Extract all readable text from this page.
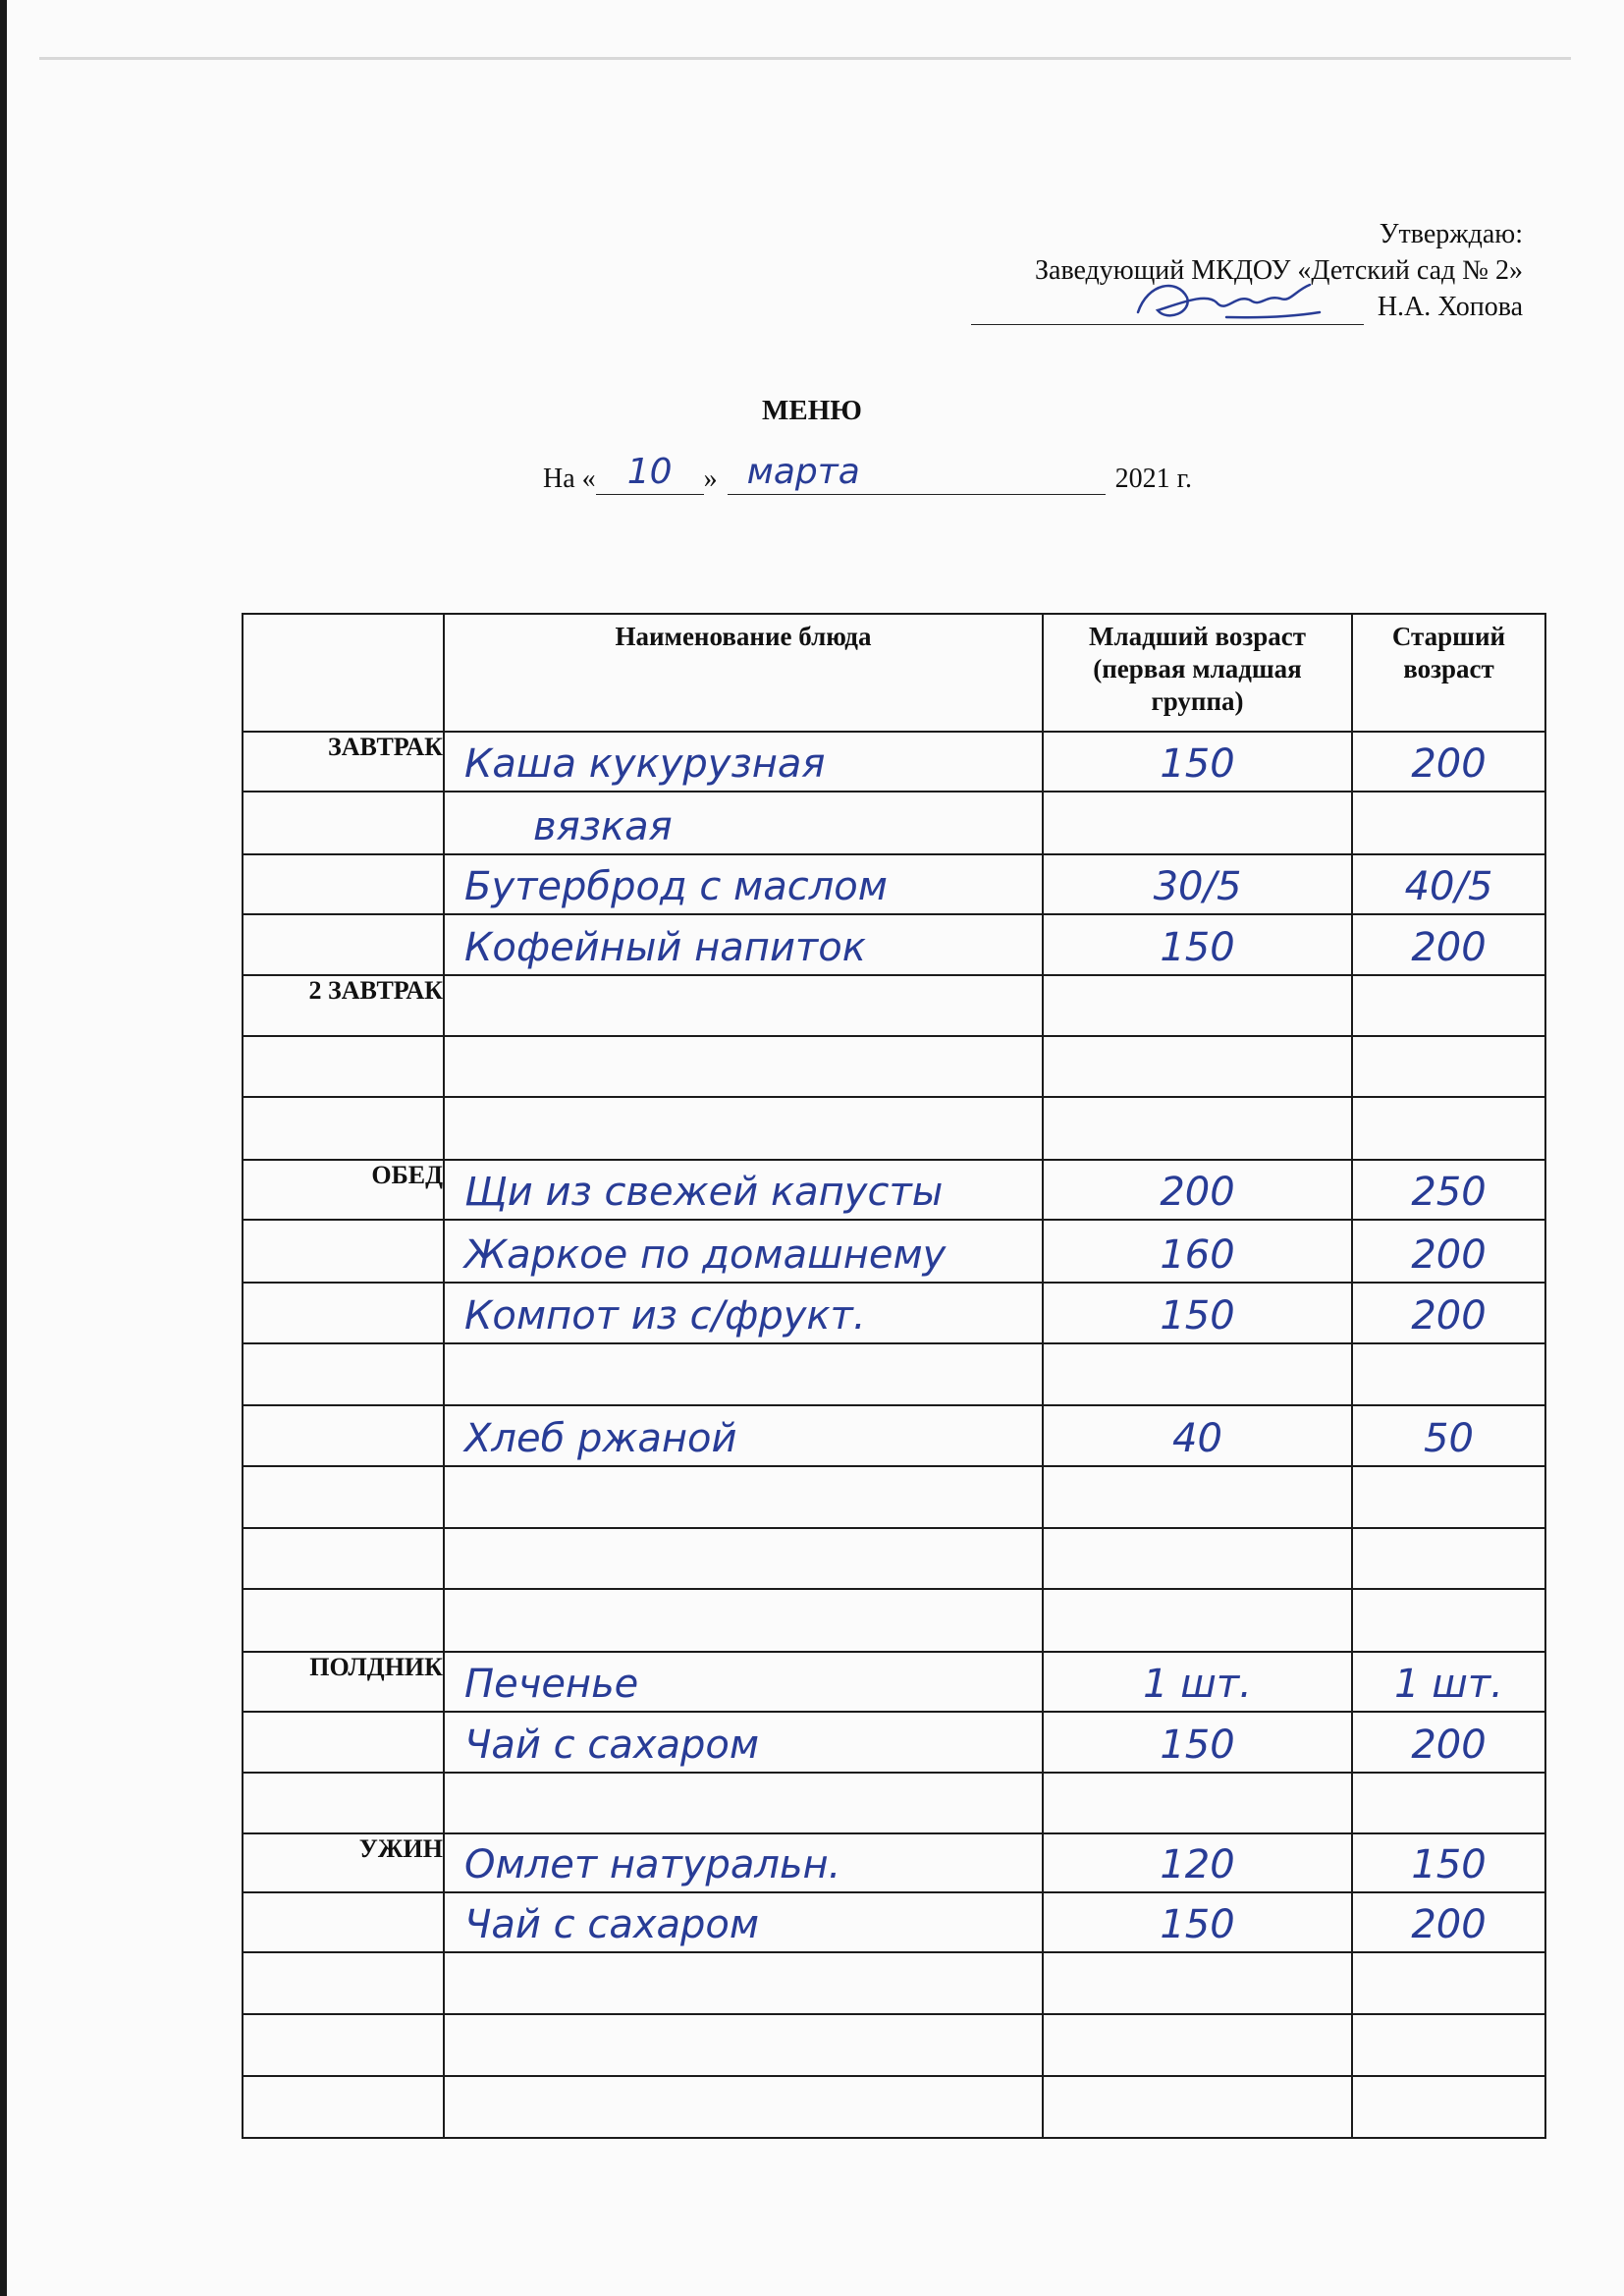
Утверждаю:
Заведующий МКДОУ «Детский сад № 2»
Н.А. Хопова
МЕНЮ
На « 10	» марта	2021 г.
	Наименование блюда	Младший возраст (первая младшая группа)	Старший возраст
ЗАВТРАК	Каша кукурузная	150	200

	вязкая		

	Бутерброд с маслом	30/5	40/5

	Кофейный напиток	150	200

2 ЗАВТРАК	

ОБЕД	Щи из свежей капусты	200	250

	Жаркое по домашнему	160	200

	Компот из с/фрукт.	150	200

	Хлеб ржаной	40	50

ПОЛДНИК	Печенье	1 шт.	1 шт.

	Чай с сахаром	150	200

УЖИН	Омлет натуральн.	120	150

	Чай с сахаром	150	200
